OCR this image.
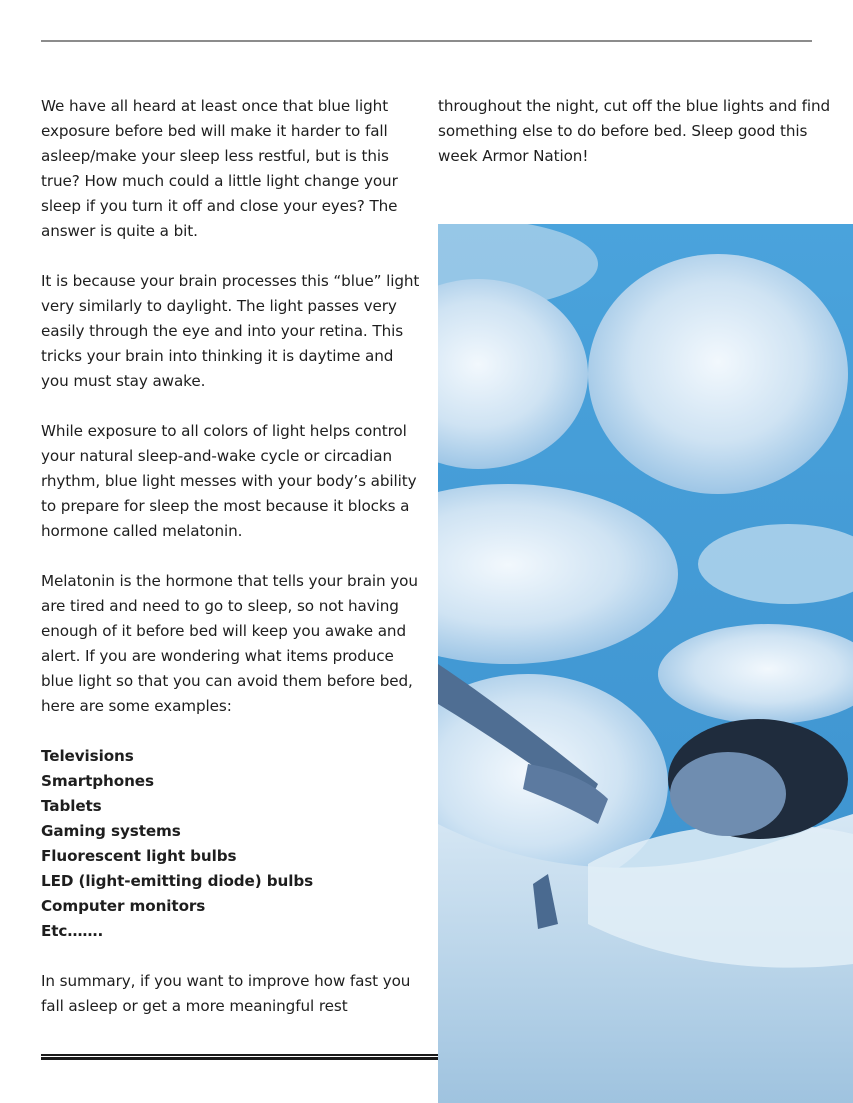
We have all heard at least once that blue light exposure before bed will make it harder to fall asleep/make your sleep less restful, but is this true? How much could a little light change your sleep if you turn it off and close your eyes? The answer is quite a bit.

It is because your brain processes this “blue” light very similarly to daylight. The light passes very easily through the eye and into your retina. This tricks your brain into thinking it is daytime and you must stay awake.

While exposure to all colors of light helps control your natural sleep-and-wake cycle or circadian rhythm, blue light messes with your body’s ability to prepare for sleep the most because it blocks a hormone called melatonin.

Melatonin is the hormone that tells your brain you are tired and need to go to sleep, so not having enough of it before bed will keep you awake and alert. If you are wondering what items produce blue light so that you can avoid them before bed, here are some examples:

Televisions
Smartphones
Tablets
Gaming systems
Fluorescent light bulbs
LED (light-emitting diode) bulbs
Computer monitors
Etc…….

In summary, if you want to improve how fast you fall asleep or get a more meaningful rest

throughout the night, cut off the blue lights and find something else to do before bed. Sleep good this week Armor Nation!
